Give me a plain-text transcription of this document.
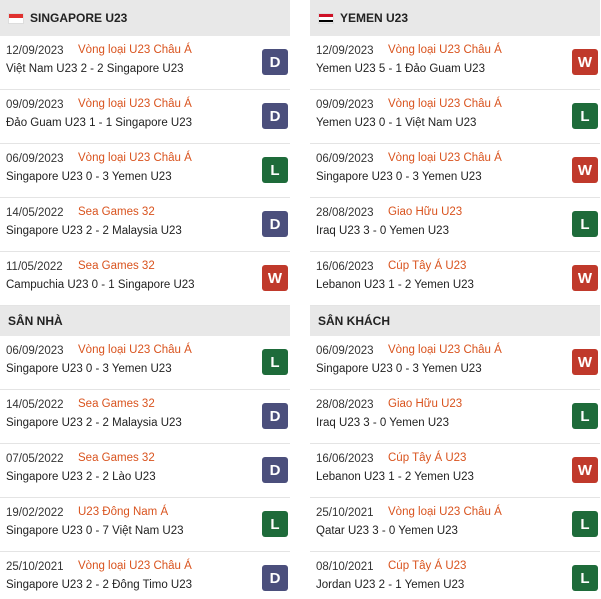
SINGAPORE U23
12/09/2023 Vòng loại U23 Châu Á
Việt Nam U23 2 - 2 Singapore U23	D
09/09/2023 Vòng loại U23 Châu Á
Đảo Guam U23 1 - 1 Singapore U23	D
06/09/2023 Vòng loại U23 Châu Á
Singapore U23 0 - 3 Yemen U23	L
14/05/2022 Sea Games 32
Singapore U23 2 - 2 Malaysia U23	D
11/05/2022 Sea Games 32
Campuchia U23 0 - 1 Singapore U23	W
SÂN NHÀ
06/09/2023 Vòng loại U23 Châu Á
Singapore U23 0 - 3 Yemen U23	L
14/05/2022 Sea Games 32
Singapore U23 2 - 2 Malaysia U23	D
07/05/2022 Sea Games 32
Singapore U23 2 - 2 Lào U23	D
19/02/2022 U23 Đông Nam Á
Singapore U23 0 - 7 Việt Nam U23	L
25/10/2021 Vòng loại U23 Châu Á
Singapore U23 2 - 2 Đông Timo U23	D
YEMEN U23
12/09/2023 Vòng loại U23 Châu Á
Yemen U23 5 - 1 Đảo Guam U23	W
09/09/2023 Vòng loại U23 Châu Á
Yemen U23 0 - 1 Việt Nam U23	L
06/09/2023 Vòng loại U23 Châu Á
Singapore U23 0 - 3 Yemen U23	W
28/08/2023 Giao Hữu U23
Iraq U23 3 - 0 Yemen U23	L
16/06/2023 Cúp Tây Á U23
Lebanon U23 1 - 2 Yemen U23	W
SÂN KHÁCH
06/09/2023 Vòng loại U23 Châu Á
Singapore U23 0 - 3 Yemen U23	W
28/08/2023 Giao Hữu U23
Iraq U23 3 - 0 Yemen U23	L
16/06/2023 Cúp Tây Á U23
Lebanon U23 1 - 2 Yemen U23	W
25/10/2021 Vòng loại U23 Châu Á
Qatar U23 3 - 0 Yemen U23	L
08/10/2021 Cúp Tây Á U23
Jordan U23 2 - 1 Yemen U23	L
